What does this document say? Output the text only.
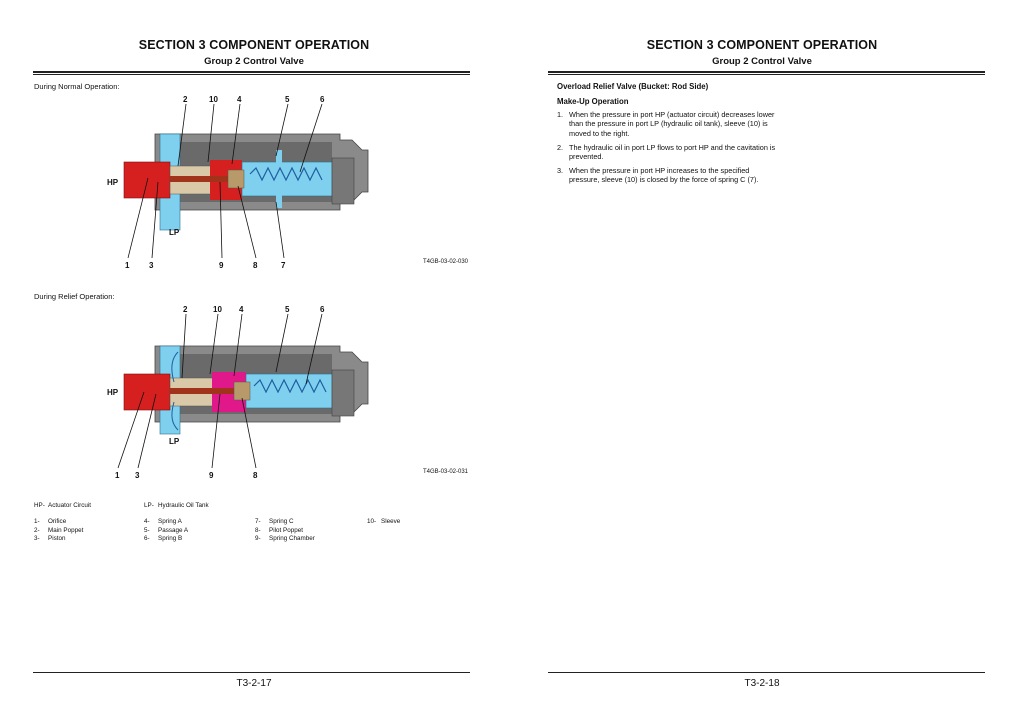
SECTION 3 COMPONENT OPERATION
Group 2 Control Valve
During Normal Operation:
2	10 4	5	6
1 3	9	8	7
HP
LP
T4GB-03-02-030
During Relief Operation:
2	10 4	5	6
1 3	9	8
HP
LP
T4GB-03-02-031
HP- Actuator Circuit	LP- Hydraulic Oil Tank
1- Orifice
2- Main Poppet
3- Piston
4- Spring A
5- Passage A
6- Spring B
7- Spring C
8- Pilot Poppet
9- Spring Chamber
10- Sleeve
T3-2-17
SECTION 3 COMPONENT OPERATION
Group 2 Control Valve
Overload Relief Valve (Bucket: Rod Side)
Make-Up Operation
1. When the pressure in port HP (actuator circuit) decreases lower than the pressure in port LP (hydraulic oil tank), sleeve (10) is moved to the right.
2. The hydraulic oil in port LP flows to port HP and the cavitation is prevented.
3. When the pressure in port HP increases to the specified pressure, sleeve (10) is closed by the force of spring C (7).
T3-2-18
